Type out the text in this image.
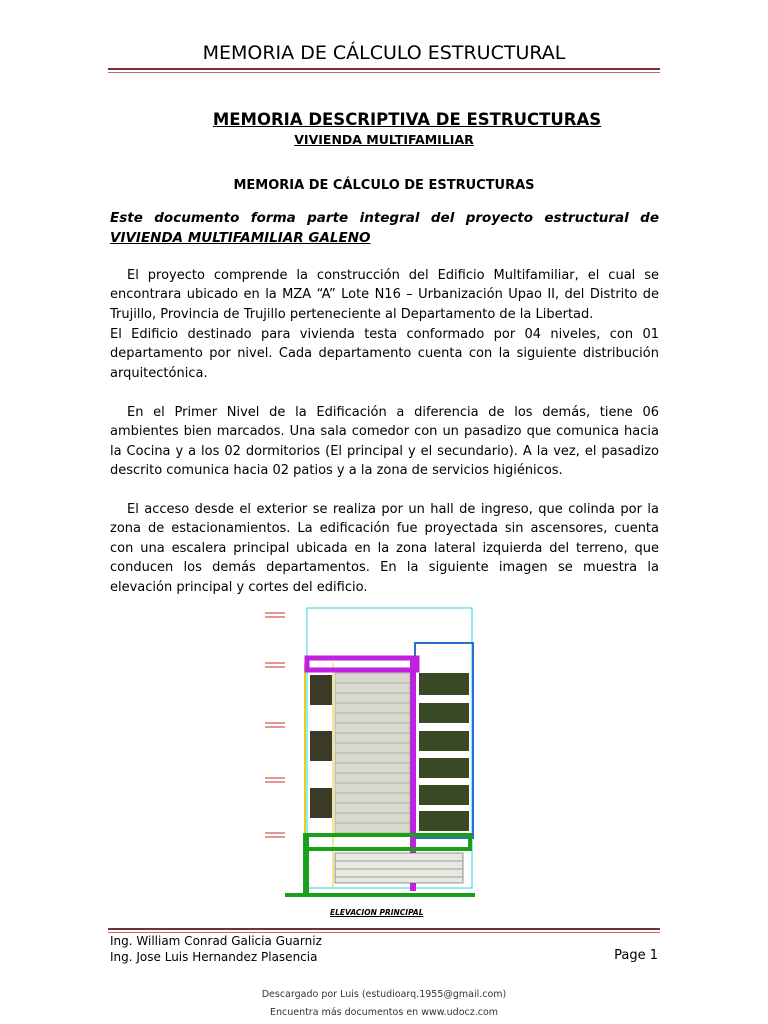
MEMORIA DE CÁLCULO ESTRUCTURAL
MEMORIA DESCRIPTIVA DE ESTRUCTURAS
VIVIENDA MULTIFAMILIAR
MEMORIA DE CÁLCULO DE ESTRUCTURAS
Este documento forma parte integral del proyecto estructural de VIVIENDA MULTIFAMILIAR GALENO
El proyecto comprende la construcción del Edificio Multifamiliar, el cual se encontrara ubicado en la MZA “A” Lote N16 – Urbanización Upao II, del Distrito de Trujillo, Provincia de Trujillo perteneciente al Departamento de la Libertad.
El Edificio destinado para vivienda testa conformado por 04 niveles, con 01 departamento por nivel. Cada departamento cuenta con la siguiente distribución arquitectónica.
En el Primer Nivel de la Edificación a diferencia de los demás, tiene 06 ambientes bien marcados. Una sala comedor con un pasadizo que comunica hacia la Cocina y a los 02 dormitorios (El principal y el secundario). A la vez, el pasadizo descrito comunica hacia 02 patios y a la zona de servicios higiénicos.
El acceso desde el exterior se realiza por un hall de ingreso, que colinda por la zona de estacionamientos. La edificación fue proyectada sin ascensores, cuenta con una escalera principal ubicada en la zona lateral izquierda del terreno, que conducen los demás departamentos. En la siguiente imagen se muestra la elevación principal y cortes del edificio.
ELEVACION PRINCIPAL
Ing. William Conrad Galicia Guarniz
Ing. Jose Luis Hernandez Plasencia	Page 1
Descargado por Luis (estudioarq.1955@gmail.com)
Encuentra más documentos en www.udocz.com
